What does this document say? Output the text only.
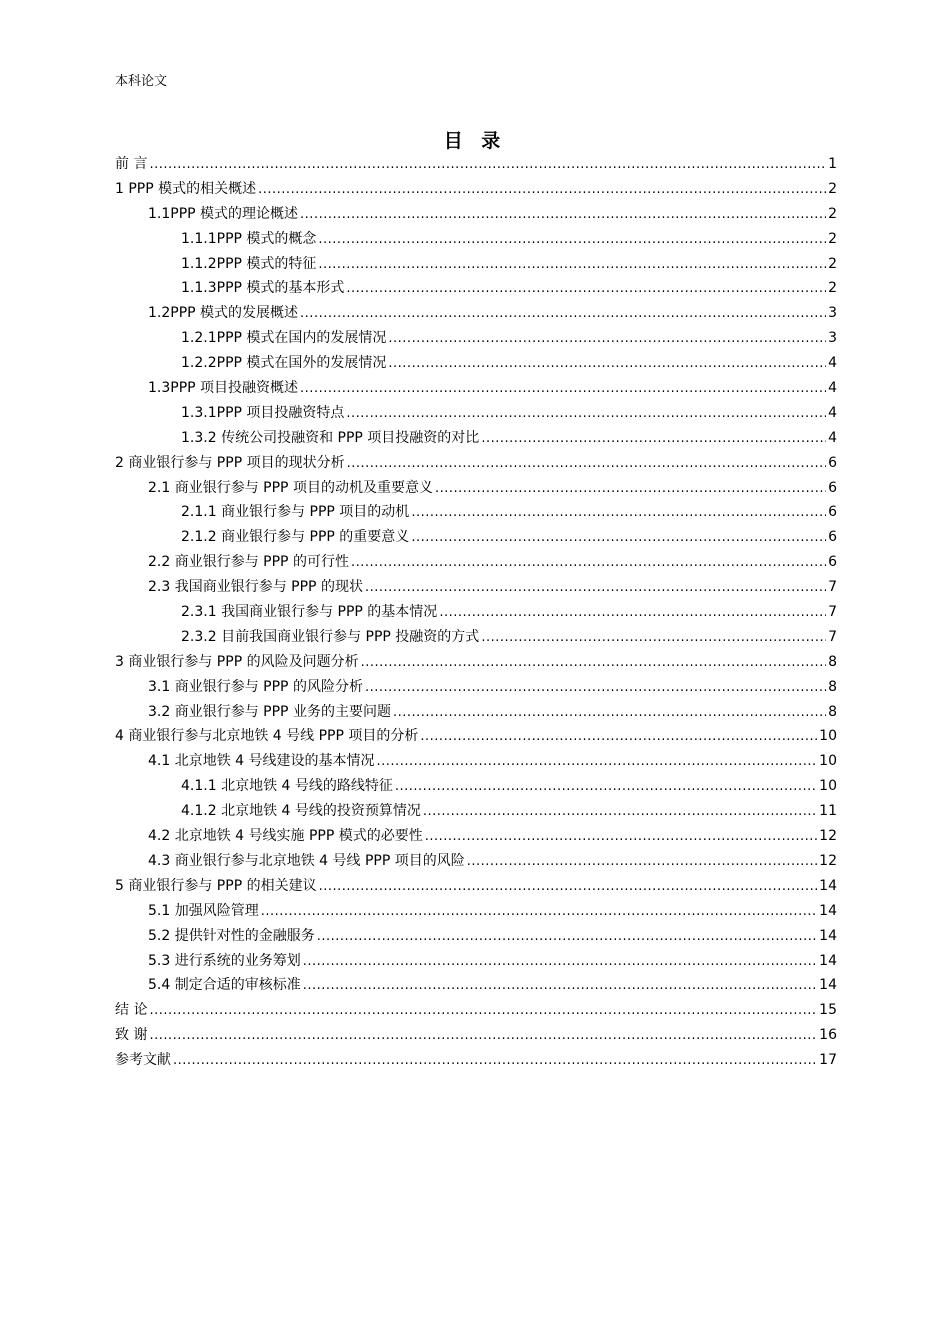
本科论文
目 录
前 言 .....	1
1 PPP 模式的相关概述 .....	2
1.1PPP 模式的理论概述 .....	2
1.1.1PPP 模式的概念 .....	2
1.1.2PPP 模式的特征 .....	2
1.1.3PPP 模式的基本形式 .....	2
1.2PPP 模式的发展概述 .....	3
1.2.1PPP 模式在国内的发展情况 .....	3
1.2.2PPP 模式在国外的发展情况 .....	4
1.3PPP 项目投融资概述 .....	4
1.3.1PPP 项目投融资特点 .....	4
1.3.2 传统公司投融资和 PPP 项目投融资的对比 .....	4
2 商业银行参与 PPP 项目的现状分析 .....	6
2.1 商业银行参与 PPP 项目的动机及重要意义 .....	6
2.1.1 商业银行参与 PPP 项目的动机 .....	6
2.1.2 商业银行参与 PPP 的重要意义 .....	6
2.2 商业银行参与 PPP 的可行性 .....	6
2.3 我国商业银行参与 PPP 的现状 .....	7
2.3.1 我国商业银行参与 PPP 的基本情况 .....	7
2.3.2 目前我国商业银行参与 PPP 投融资的方式 .....	7
3 商业银行参与 PPP 的风险及问题分析 .....	8
3.1 商业银行参与 PPP 的风险分析 .....	8
3.2 商业银行参与 PPP 业务的主要问题 .....	8
4 商业银行参与北京地铁 4 号线 PPP 项目的分析 .....	10
4.1 北京地铁 4 号线建设的基本情况 .....	10
4.1.1 北京地铁 4 号线的路线特征 .....	10
4.1.2 北京地铁 4 号线的投资预算情况 .....	11
4.2 北京地铁 4 号线实施 PPP 模式的必要性 .....	12
4.3 商业银行参与北京地铁 4 号线 PPP 项目的风险 .....	12
5 商业银行参与 PPP 的相关建议 .....	14
5.1 加强风险管理 .....	14
5.2 提供针对性的金融服务 .....	14
5.3 进行系统的业务筹划 .....	14
5.4 制定合适的审核标准 .....	14
结 论 .....	15
致 谢 .....	16
参考文献 .....	17
